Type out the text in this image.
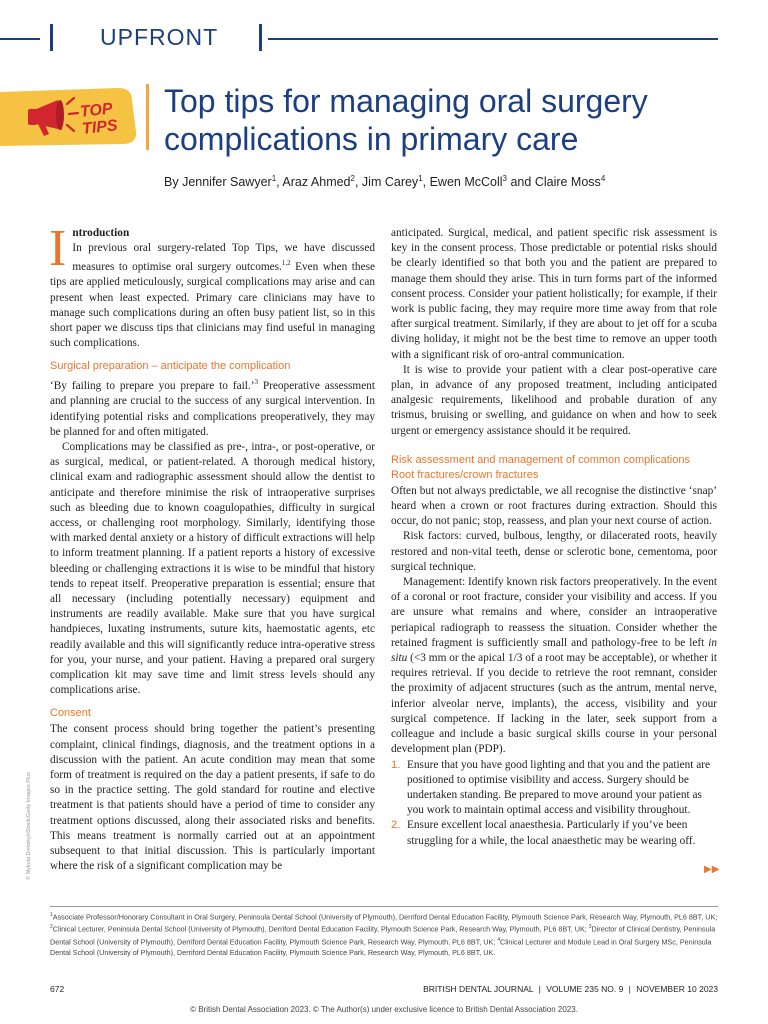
UPFRONT
TOP
TIPS
Top tips for managing oral surgery complications in primary care
By Jennifer Sawyer$^1$, Araz Ahmed$^2$, Jim Carey$^1$, Ewen McColl$^3$ and Claire Moss$^4$

Introduction
In previous oral surgery-related Top Tips, we have discussed measures to optimise oral surgery outcomes.$^{1,2}$ Even when these tips are applied meticulously, surgical complications may arise and can present when least expected. Primary care clinicians may have to manage such complications during an often busy patient list, so in this short paper we discuss tips that clinicians may find useful in managing such complications.

Surgical preparation – anticipate the complication

‘By failing to prepare you prepare to fail.’$^3$ Preoperative assessment and planning are crucial to the success of any surgical intervention. In identifying potential risks and complications preoperatively, they may be planned for and often mitigated.

Complications may be classified as pre-, intra-, or post-operative, or as surgical, medical, or patient-related. A thorough medical history, clinical exam and radiographic assessment should allow the dentist to anticipate and therefore minimise the risk of intraoperative surprises such as bleeding due to known coagulopathies, difficulty in surgical access, or challenging root morphology. Similarly, identifying those with marked dental anxiety or a history of difficult extractions will help to inform treatment planning. If a patient reports a history of excessive bleeding or challenging extractions it is wise to be mindful that history tends to repeat itself. Preoperative preparation is essential; ensure that all necessary (including potentially necessary) equipment and instruments are readily available. Make sure that you have surgical handpieces, luxating instruments, suture kits, haemostatic agents, etc readily available and this will significantly reduce intra-operative stress for you, your nurse, and your patient. Having a prepared oral surgery complication kit may save time and limit stress levels should any complications arise.

Consent

The consent process should bring together the patient’s presenting complaint, clinical findings, diagnosis, and the treatment options in a discussion with the patient. An acute condition may mean that some form of treatment is required on the day a patient presents, if safe to do so in the practice setting. The gold standard for routine and elective treatment is that patients should have a period of time to consider any treatment options discussed, along their associated risks and benefits. This means treatment is normally carried out at an appointment subsequent to that initial discussion. This is particularly important where the risk of a significant complication may be

anticipated. Surgical, medical, and patient specific risk assessment is key in the consent process. Those predictable or potential risks should be clearly identified so that both you and the patient are prepared to manage them should they arise. This in turn forms part of the informed consent process. Consider your patient holistically; for example, if their work is public facing, they may require more time away from that role after surgical treatment. Similarly, if they are about to jet off for a scuba diving holiday, it might not be the best time to remove an upper tooth with a significant risk of oro-antral communication.

It is wise to provide your patient with a clear post-operative care plan, in advance of any proposed treatment, including anticipated analgesic requirements, likelihood and probable duration of any trismus, bruising or swelling, and guidance on when and how to seek urgent or emergency assistance should it be required.

Risk assessment and management of common complications
Root fractures/crown fractures

Often but not always predictable, we all recognise the distinctive ‘snap’ heard when a crown or root fractures during extraction. Should this occur, do not panic; stop, reassess, and plan your next course of action.

Risk factors: curved, bulbous, lengthy, or dilacerated roots, heavily restored and non-vital teeth, dense or sclerotic bone, cementoma, poor surgical technique.

Management: Identify known risk factors preoperatively. In the event of a coronal or root fracture, consider your visibility and access. If you are unsure what remains and where, consider an intraoperative periapical radiograph to reassess the situation. Consider whether the retained fragment is sufficiently small and pathology-free to be left in situ (<3 mm or the apical 1/3 of a root may be acceptable), or whether it requires retrieval. If you decide to retrieve the root remnant, consider the proximity of adjacent structures (such as the antrum, mental nerve, inferior alveolar nerve, implants), the access, visibility and your surgical competence. If lacking in the later, seek support from a colleague and include a basic surgical skills course in your personal development plan (PDP).

1. Ensure that you have good lighting and that you and the patient are positioned to optimise visibility and access. Surgery should be undertaken standing. Be prepared to move around your patient as you work to maintain optimal access and visibility throughout.
2. Ensure excellent local anaesthesia. Particularly if you’ve been struggling for a while, the local anaesthetic may be wearing off.
▶▶
© Mykola Dvinskyi/iStock/Getty Images Plus
$^1$Associate Professor/Honorary Consultant in Oral Surgery, Peninsula Dental School (University of Plymouth), Derriford Dental Education Facility, Plymouth Science Park, Research Way, Plymouth, PL6 8BT, UK; $^2$Clinical Lecturer, Peninsula Dental School (University of Plymouth), Derriford Dental Education Facility, Plymouth Science Park, Research Way, Plymouth, PL6 8BT, UK; $^3$Director of Clinical Dentistry, Peninsula Dental School (University of Plymouth), Derriford Dental Education Facility, Plymouth Science Park, Research Way, Plymouth, PL6 8BT, UK; $^4$Clinical Lecturer and Module Lead in Oral Surgery MSc, Peninsula Dental School (University of Plymouth), Derriford Dental Education Facility, Plymouth Science Park, Research Way, Plymouth, PL6 8BT, UK.
672	BRITISH DENTAL JOURNAL | VOLUME 235 NO. 9 | NOVEMBER 10 2023
© British Dental Association 2023. © The Author(s) under exclusive licence to British Dental Association 2023.
